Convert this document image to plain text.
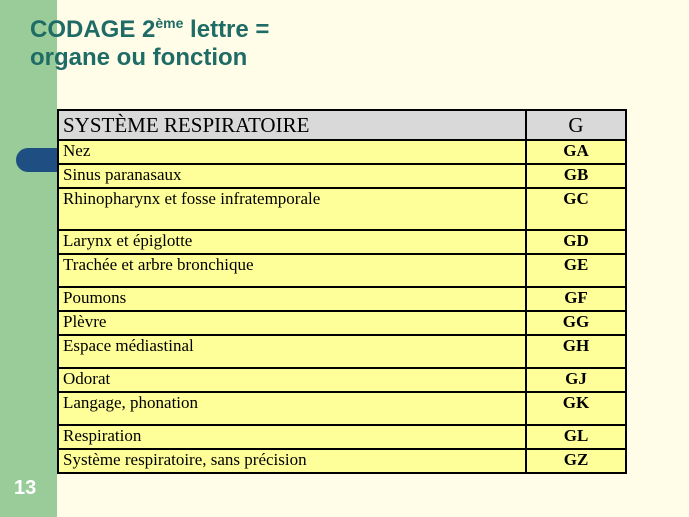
CODAGE 2ème lettre =
organe ou fonction
SYSTÈME RESPIRATOIRE	G
Nez	GA
Sinus paranasaux	GB
Rhinopharynx et fosse infratemporale	GC
Larynx et épiglotte	GD
Trachée et arbre bronchique	GE
Poumons	GF
Plèvre	GG
Espace médiastinal	GH
Odorat	GJ
Langage, phonation	GK
Respiration	GL
Système respiratoire, sans précision	GZ
13
